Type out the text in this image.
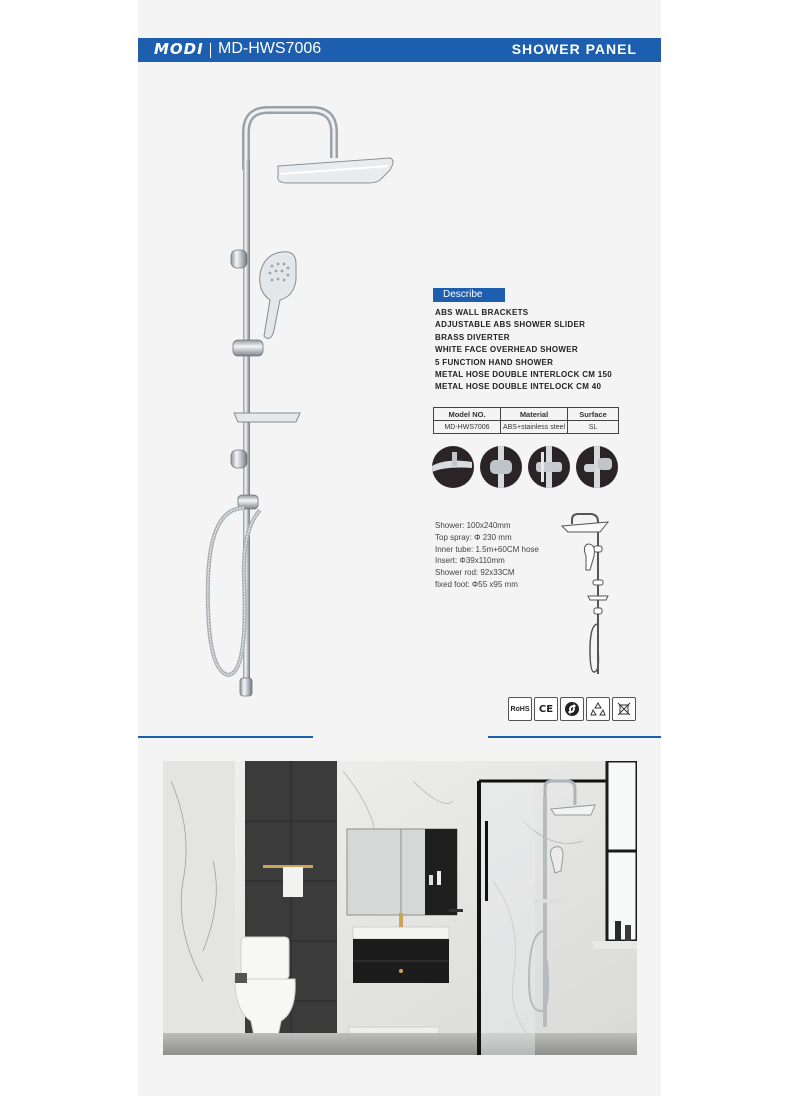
MODI MD-HWS7006	SHOWER PANEL
Describe
ABS WALL BRACKETS
ADJUSTABLE ABS SHOWER SLIDER
BRASS DIVERTER
WHITE FACE OVERHEAD SHOWER
5 FUNCTION HAND SHOWER
METAL HOSE DOUBLE INTERLOCK CM 150
METAL HOSE DOUBLE INTELOCK CM 40
Model NO.	Material	Surface
MD-HWS7006	ABS+stainless steel	SL
Shower: 100x240mm
Top spray: Φ 230 mm
Inner tube: 1.5m+60CM hose
Insert: Φ39x110mm
Shower rod: 92x33CM
fixed foot: Φ55 x95 mm
RoHS CE
